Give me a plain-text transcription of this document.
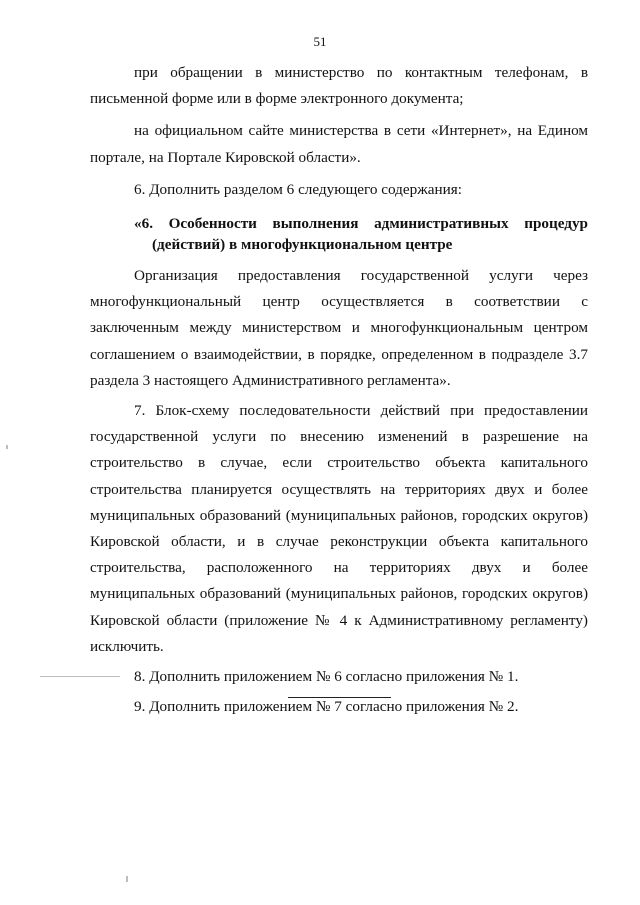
51

при обращении в министерство по контактным телефонам, в письменной форме или в форме электронного документа;

на официальном сайте министерства в сети «Интернет», на Едином портале, на Портале Кировской области».

6. Дополнить разделом 6 следующего содержания:

«6. Особенности выполнения административных процедур
(действий) в многофункциональном центре

Организация предоставления государственной услуги через многофункциональный центр осуществляется в соответствии с заключенным между министерством и многофункциональным центром соглашением о взаимодействии, в порядке, определенном в подразделе 3.7 раздела 3 настоящего Административного регламента».

7. Блок-схему последовательности действий при предоставлении государственной услуги по внесению изменений в разрешение на строительство в случае, если строительство объекта капитального строительства планируется осуществлять на территориях двух и более муниципальных образований (муниципальных районов, городских округов) Кировской области, и в случае реконструкции объекта капитального строительства, расположенного на территориях двух и более муниципальных образований (муниципальных районов, городских округов) Кировской области (приложение № 4 к Административному регламенту) исключить.

8. Дополнить приложением № 6 согласно приложения № 1.

9. Дополнить приложением № 7 согласно приложения № 2.
